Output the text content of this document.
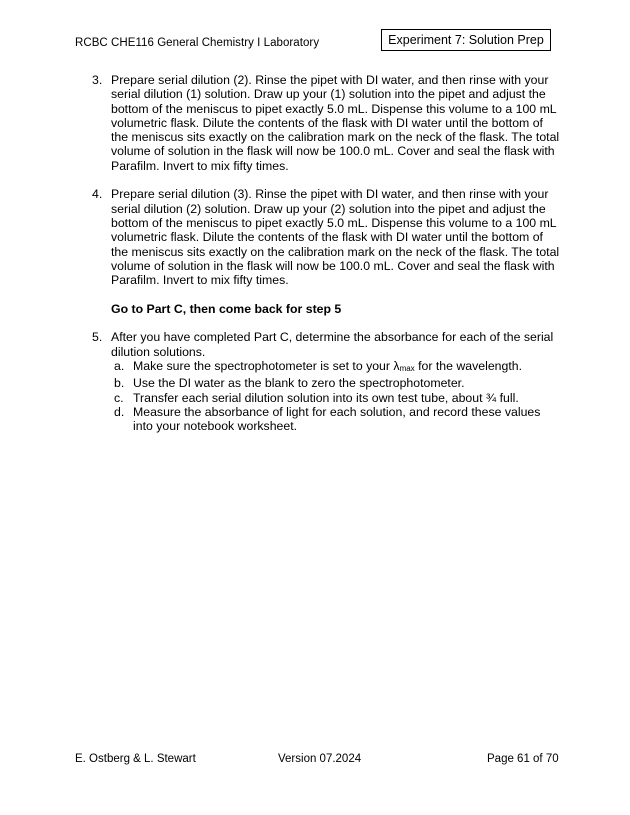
RCBC CHE116 General Chemistry I Laboratory	Experiment 7: Solution Prep
3. Prepare serial dilution (2). Rinse the pipet with DI water, and then rinse with your serial dilution (1) solution. Draw up your (1) solution into the pipet and adjust the bottom of the meniscus to pipet exactly 5.0 mL. Dispense this volume to a 100 mL volumetric flask. Dilute the contents of the flask with DI water until the bottom of the meniscus sits exactly on the calibration mark on the neck of the flask. The total volume of solution in the flask will now be 100.0 mL. Cover and seal the flask with Parafilm. Invert to mix fifty times.

4. Prepare serial dilution (3). Rinse the pipet with DI water, and then rinse with your serial dilution (2) solution. Draw up your (2) solution into the pipet and adjust the bottom of the meniscus to pipet exactly 5.0 mL. Dispense this volume to a 100 mL volumetric flask. Dilute the contents of the flask with DI water until the bottom of the meniscus sits exactly on the calibration mark on the neck of the flask. The total volume of solution in the flask will now be 100.0 mL. Cover and seal the flask with Parafilm. Invert to mix fifty times.

Go to Part C, then come back for step 5
5. After you have completed Part C, determine the absorbance for each of the serial dilution solutions.

a. Make sure the spectrophotometer is set to your $\lambda_{max}$ for the wavelength.
b. Use the DI water as the blank to zero the spectrophotometer.
c. Transfer each serial dilution solution into its own test tube, about ¾ full.
d. Measure the absorbance of light for each solution, and record these values into your notebook worksheet.
E. Ostberg & L. Stewart	Version 07.2024	Page 61 of 70
